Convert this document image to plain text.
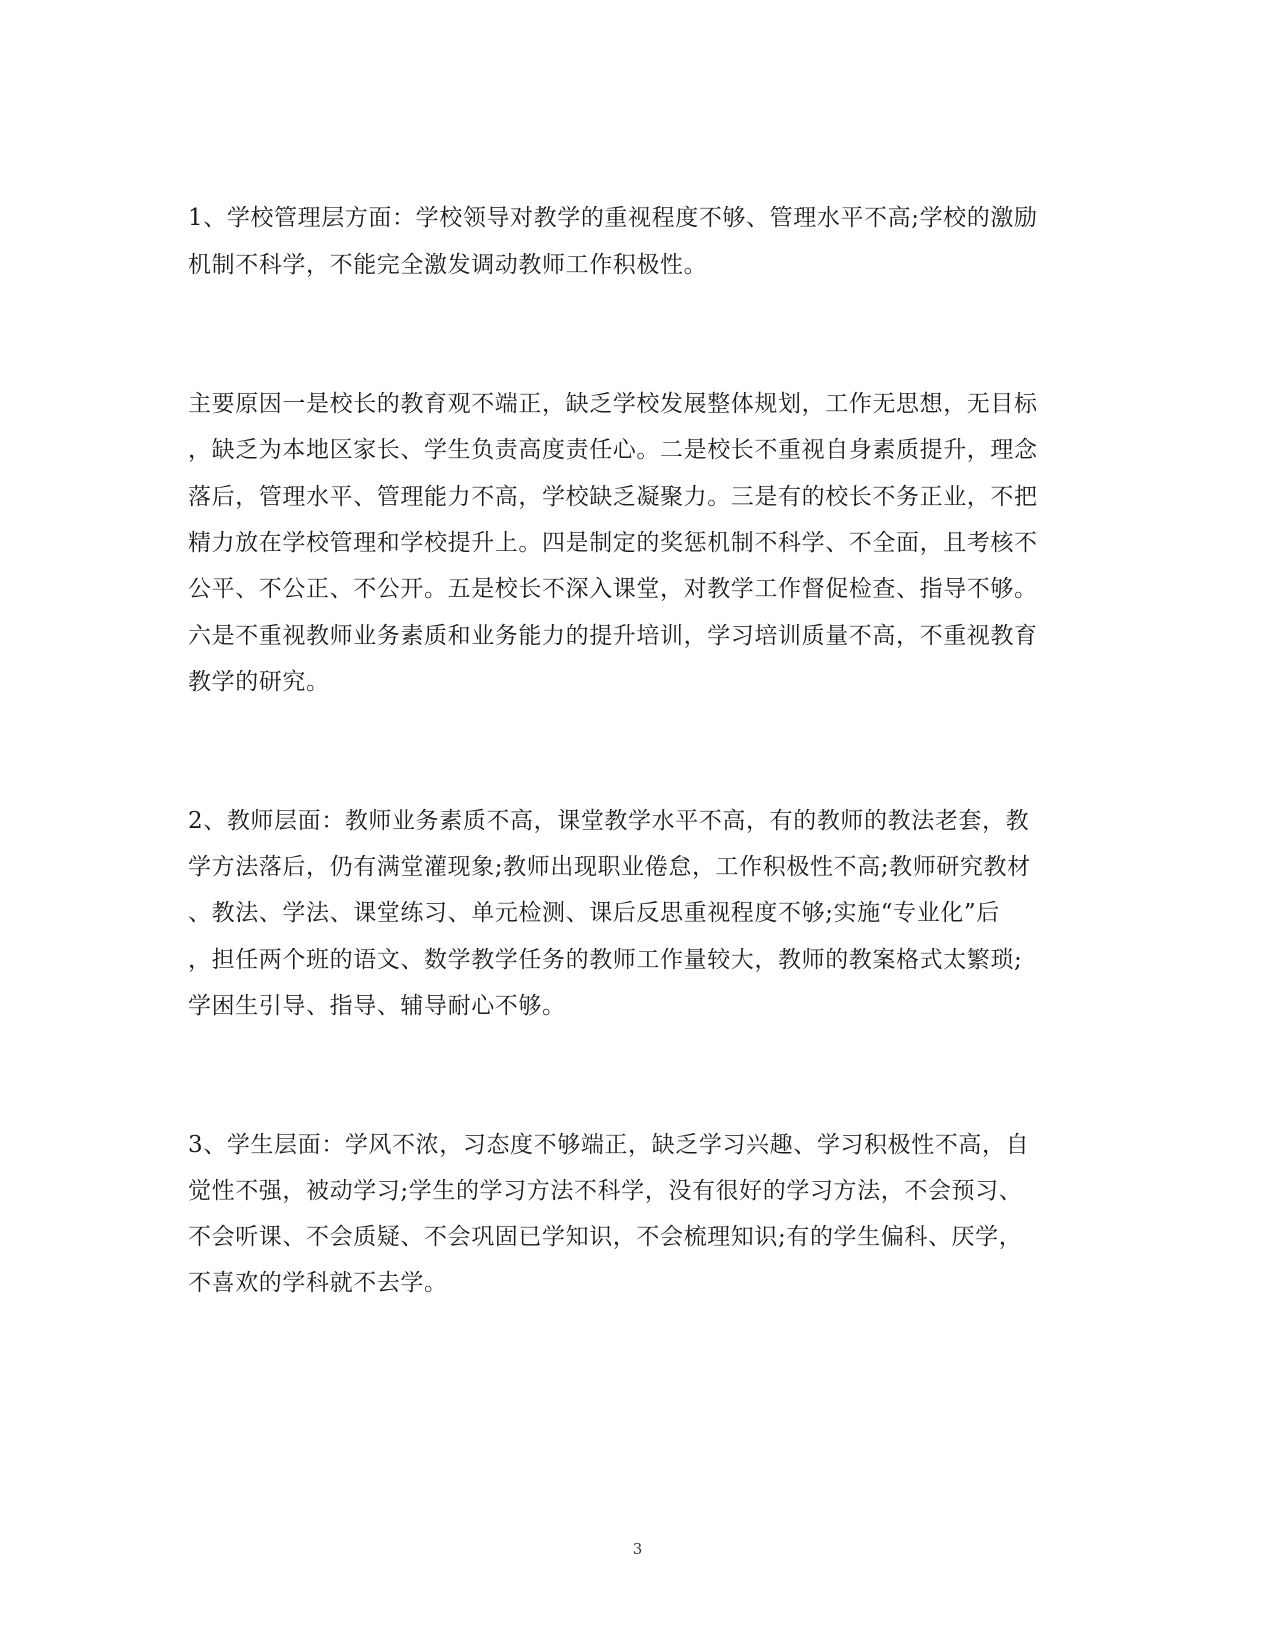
1、学校管理层方面：学校领导对教学的重视程度不够、管理水平不高;学校的激励
机制不科学，不能完全激发调动教师工作积极性。
主要原因一是校长的教育观不端正，缺乏学校发展整体规划，工作无思想，无目标
，缺乏为本地区家长、学生负责高度责任心。二是校长不重视自身素质提升，理念
落后，管理水平、管理能力不高，学校缺乏凝聚力。三是有的校长不务正业，不把
精力放在学校管理和学校提升上。四是制定的奖惩机制不科学、不全面，且考核不
公平、不公正、不公开。五是校长不深入课堂，对教学工作督促检查、指导不够。
六是不重视教师业务素质和业务能力的提升培训，学习培训质量不高，不重视教育
教学的研究。
2、教师层面：教师业务素质不高，课堂教学水平不高，有的教师的教法老套，教
学方法落后，仍有满堂灌现象;教师出现职业倦怠，工作积极性不高;教师研究教材
、教法、学法、课堂练习、单元检测、课后反思重视程度不够;实施“专业化”后
，担任两个班的语文、数学教学任务的教师工作量较大，教师的教案格式太繁琐;
学困生引导、指导、辅导耐心不够。
3、学生层面：学风不浓，习态度不够端正，缺乏学习兴趣、学习积极性不高，自
觉性不强，被动学习;学生的学习方法不科学，没有很好的学习方法，不会预习、
不会听课、不会质疑、不会巩固已学知识，不会梳理知识;有的学生偏科、厌学，
不喜欢的学科就不去学。
3
